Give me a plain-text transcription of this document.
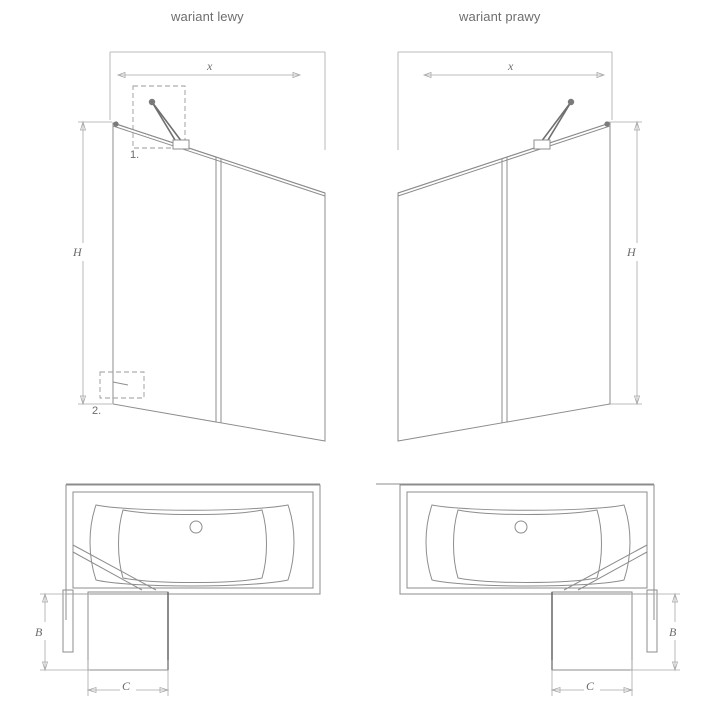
wariant lewy	wariant prawy
x
H
1.
2.
x
H
B
C
B
C
